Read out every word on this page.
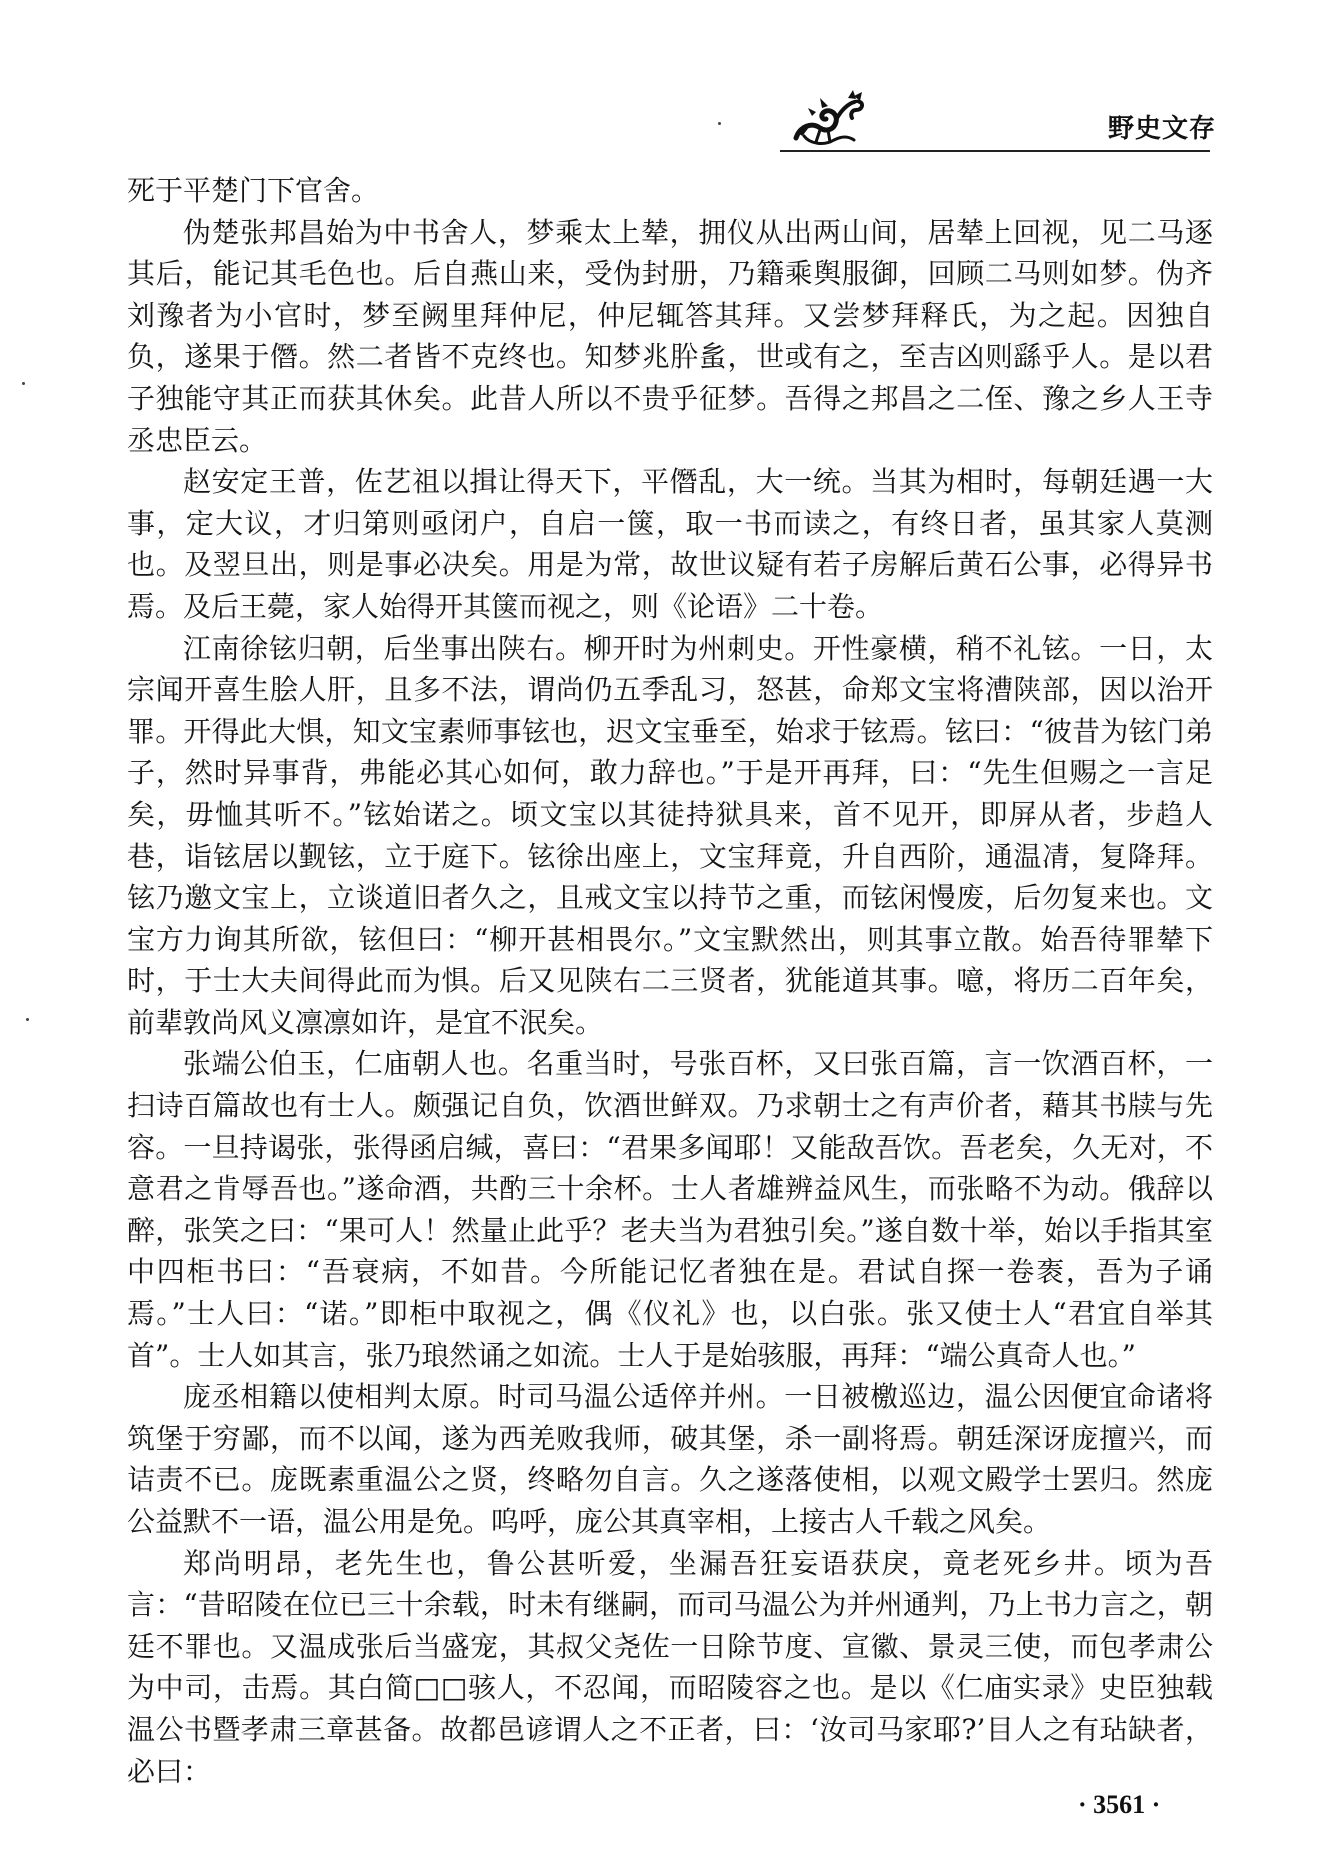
野史文存

死于平楚门下官舍。

伪楚张邦昌始为中书舍人，梦乘太上辇，拥仪从出两山间，居辇上回视，见二马逐其后，能记其毛色也。后自燕山来，受伪封册，乃籍乘舆服御，回顾二马则如梦。伪齐刘豫者为小官时，梦至阙里拜仲尼，仲尼辄答其拜。又尝梦拜释氏，为之起。因独自负，遂果于僭。然二者皆不克终也。知梦兆肸蚃，世或有之，至吉凶则繇乎人。是以君子独能守其正而获其休矣。此昔人所以不贵乎征梦。吾得之邦昌之二侄、豫之乡人王寺丞忠臣云。

赵安定王普，佐艺祖以揖让得天下，平僭乱，大一统。当其为相时，每朝廷遇一大事，定大议，才归第则亟闭户，自启一箧，取一书而读之，有终日者，虽其家人莫测也。及翌旦出，则是事必决矣。用是为常，故世议疑有若子房解后黄石公事，必得异书焉。及后王薨，家人始得开其箧而视之，则《论语》二十卷。

江南徐铉归朝，后坐事出陕右。柳开时为州刺史。开性豪横，稍不礼铉。一日，太宗闻开喜生脍人肝，且多不法，谓尚仍五季乱习，怒甚，命郑文宝将漕陕部，因以治开罪。开得此大惧，知文宝素师事铉也，迟文宝垂至，始求于铉焉。铉曰：“彼昔为铉门弟子，然时异事背，弗能必其心如何，敢力辞也。”于是开再拜，曰：“先生但赐之一言足矣，毋恤其听不。”铉始诺之。顷文宝以其徒持狱具来，首不见开，即屏从者，步趋人巷，诣铉居以觐铉，立于庭下。铉徐出座上，文宝拜竟，升自西阶，通温凊，复降拜。铉乃邀文宝上，立谈道旧者久之，且戒文宝以持节之重，而铉闲慢废，后勿复来也。文宝方力询其所欲，铉但曰：“柳开甚相畏尔。”文宝默然出，则其事立散。始吾待罪辇下时，于士大夫间得此而为惧。后又见陕右二三贤者，犹能道其事。噫，将历二百年矣，前辈敦尚风义凛凛如许，是宜不泯矣。

张端公伯玉，仁庙朝人也。名重当时，号张百杯，又曰张百篇，言一饮酒百杯，一扫诗百篇故也有士人。颇强记自负，饮酒世鲜双。乃求朝士之有声价者，藉其书牍与先容。一旦持谒张，张得函启缄，喜曰：“君果多闻耶！又能敌吾饮。吾老矣，久无对，不意君之肯辱吾也。”遂命酒，共酌三十余杯。士人者雄辨益风生，而张略不为动。俄辞以醉，张笑之曰：“果可人！然量止此乎？老夫当为君独引矣。”遂自数十举，始以手指其室中四柜书曰：“吾衰病，不如昔。今所能记忆者独在是。君试自探一卷袠，吾为子诵焉。”士人曰：“诺。”即柜中取视之，偶《仪礼》也，以白张。张又使士人“君宜自举其首”。士人如其言，张乃琅然诵之如流。士人于是始骇服，再拜：“端公真奇人也。”

庞丞相籍以使相判太原。时司马温公适倅并州。一日被檄巡边，温公因便宜命诸将筑堡于穷鄙，而不以闻，遂为西羌败我师，破其堡，杀一副将焉。朝廷深讶庞擅兴，而诘责不已。庞既素重温公之贤，终略勿自言。久之遂落使相，以观文殿学士罢归。然庞公益默不一语，温公用是免。呜呼，庞公其真宰相，上接古人千载之风矣。

郑尚明昂，老先生也，鲁公甚听爱，坐漏吾狂妄语获戾，竟老死乡井。顷为吾言：“昔昭陵在位已三十余载，时未有继嗣，而司马温公为并州通判，乃上书力言之，朝廷不罪也。又温成张后当盛宠，其叔父尧佐一日除节度、宣徽、景灵三使，而包孝肃公为中司，击焉。其白简□□骇人，不忍闻，而昭陵容之也。是以《仁庙实录》史臣独载温公书暨孝肃三章甚备。故都邑谚谓人之不正者，曰：‘汝司马家耶?’目人之有玷缺者，必曰：

· 3561 ·
